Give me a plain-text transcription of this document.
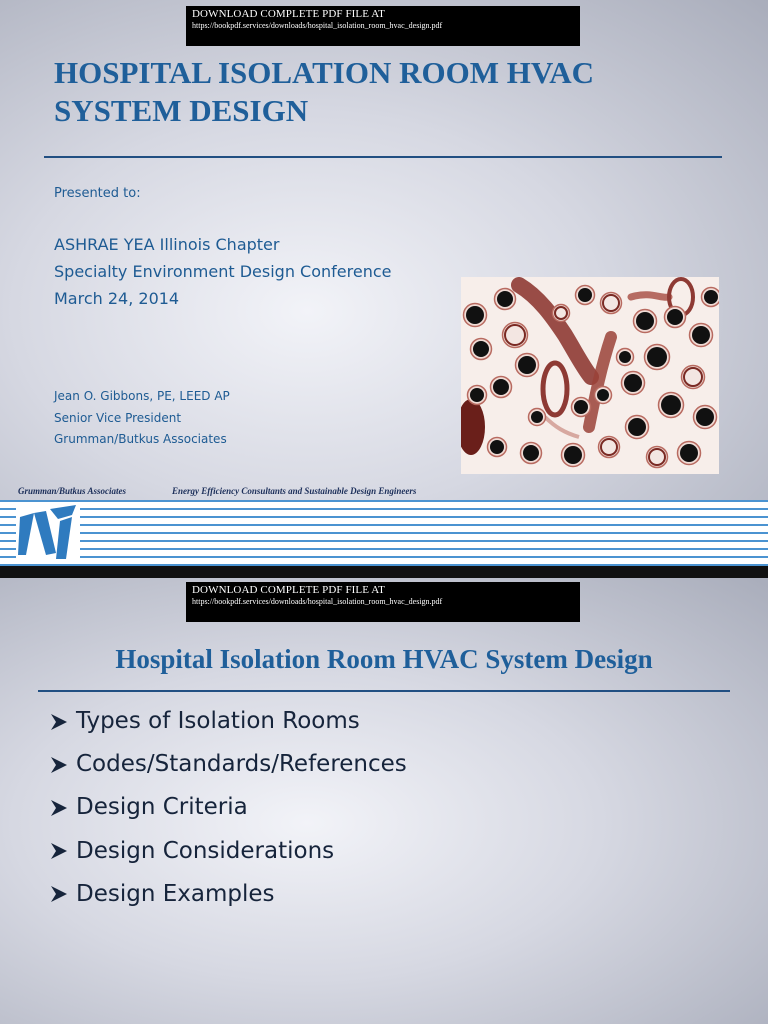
DOWNLOAD COMPLETE PDF FILE AT
https://bookpdf.services/downloads/hospital_isolation_room_hvac_design.pdf
HOSPITAL ISOLATION ROOM HVAC SYSTEM DESIGN

Presented to:

ASHRAE YEA Illinois Chapter
Specialty Environment Design Conference
March 24, 2014
Jean O. Gibbons, PE, LEED AP
Senior Vice President
Grumman/Butkus Associates
Grumman/Butkus Associates	Energy Efficiency Consultants and Sustainable Design Engineers
DOWNLOAD COMPLETE PDF FILE AT
https://bookpdf.services/downloads/hospital_isolation_room_hvac_design.pdf
Hospital Isolation Room HVAC System Design
Types of Isolation Rooms
Codes/Standards/References
Design Criteria
Design Considerations
Design Examples
